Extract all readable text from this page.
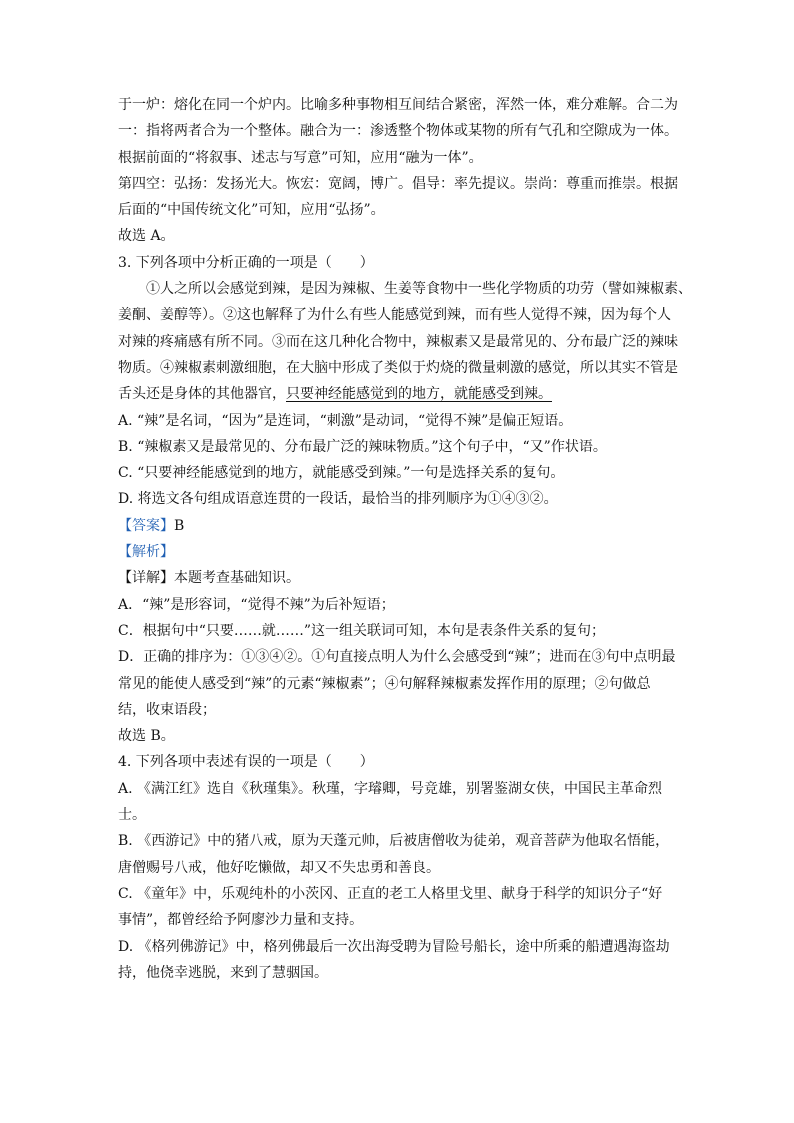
于一炉：熔化在同一个炉内。比喻多种事物相互间结合紧密，浑然一体，难分难解。合二为
一：指将两者合为一个整体。融合为一：渗透整个物体或某物的所有气孔和空隙成为一体。
根据前面的“将叙事、述志与写意”可知，应用“融为一体”。
第四空：弘扬：发扬光大。恢宏：宽阔，博广。倡导：率先提议。崇尚：尊重而推崇。根据
后面的“中国传统文化”可知，应用“弘扬”。
故选 A。
3. 下列各项中分析正确的一项是（　　）
①人之所以会感觉到辣，是因为辣椒、生姜等食物中一些化学物质的功劳（譬如辣椒素、
姜酮、姜醇等）。②这也解释了为什么有些人能感觉到辣，而有些人觉得不辣，因为每个人
对辣的疼痛感有所不同。③而在这几种化合物中，辣椒素又是最常见的、分布最广泛的辣味
物质。④辣椒素刺激细胞，在大脑中形成了类似于灼烧的微量刺激的感觉，所以其实不管是
舌头还是身体的其他器官，只要神经能感觉到的地方，就能感受到辣。
A. “辣”是名词，“因为”是连词，“刺激”是动词，“觉得不辣”是偏正短语。
B. “辣椒素又是最常见的、分布最广泛的辣味物质。”这个句子中，“又”作状语。
C. “只要神经能感觉到的地方，就能感受到辣。”一句是选择关系的复句。
D. 将选文各句组成语意连贯的一段话，最恰当的排列顺序为①④③②。
【答案】B
【解析】
【详解】本题考查基础知识。
A．“辣”是形容词，“觉得不辣”为后补短语；
C．根据句中“只要……就……”这一组关联词可知，本句是表条件关系的复句；
D．正确的排序为：①③④②。①句直接点明人为什么会感受到“辣”；进而在③句中点明最
常见的能使人感受到“辣”的元素“辣椒素”；④句解释辣椒素发挥作用的原理；②句做总
结，收束语段；
故选 B。
4. 下列各项中表述有误的一项是（　　）
A. 《满江红》选自《秋瑾集》。秋瑾，字璿卿，号竞雄，别署鉴湖女侠，中国民主革命烈
士。
B. 《西游记》中的猪八戒，原为天蓬元帅，后被唐僧收为徒弟，观音菩萨为他取名悟能，
唐僧赐号八戒，他好吃懒做，却又不失忠勇和善良。
C. 《童年》中，乐观纯朴的小茨冈、正直的老工人格里戈里、献身于科学的知识分子“好
事情”，都曾经给予阿廖沙力量和支持。
D. 《格列佛游记》中，格列佛最后一次出海受聘为冒险号船长，途中所乘的船遭遇海盗劫
持，他侥幸逃脱，来到了慧骃国。
